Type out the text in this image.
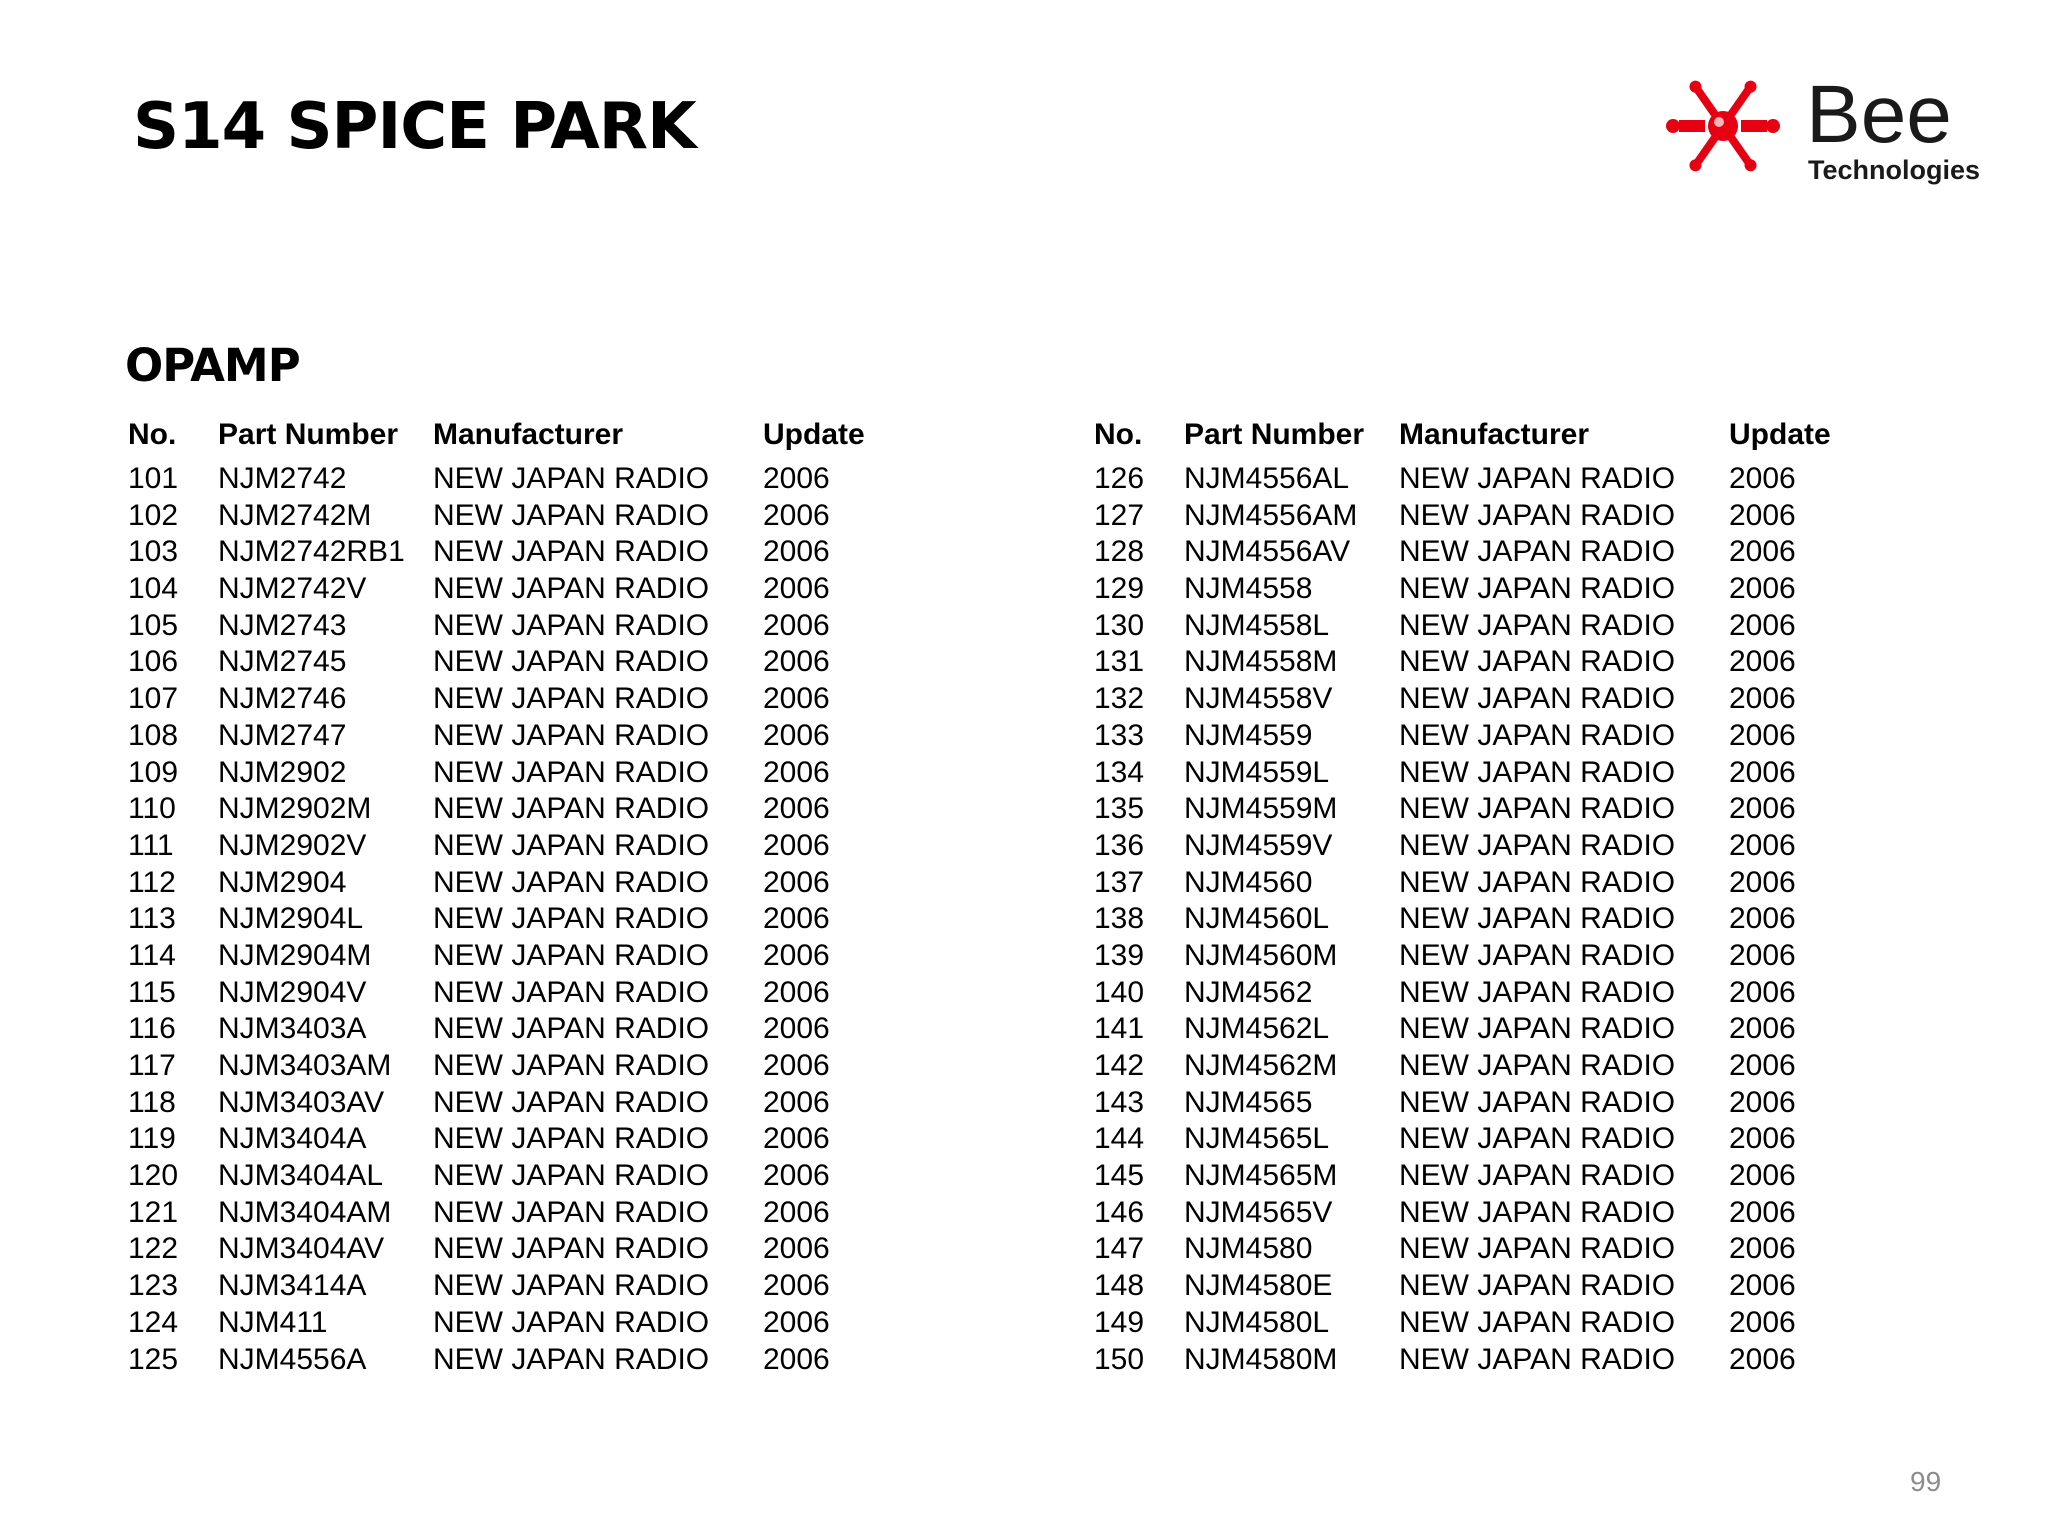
S14 SPICE PARK	Bee
Technologies
OPAMP
No. Part Number Manufacturer	Update
101 NJM2742	NEW JAPAN RADIO 2006
102 NJM2742M NEW JAPAN RADIO 2006
103 NJM2742RB1 NEW JAPAN RADIO 2006
104 NJM2742V NEW JAPAN RADIO 2006
105 NJM2743	NEW JAPAN RADIO 2006
106 NJM2745	NEW JAPAN RADIO 2006
107 NJM2746	NEW JAPAN RADIO 2006
108 NJM2747	NEW JAPAN RADIO 2006
109 NJM2902	NEW JAPAN RADIO 2006
110 NJM2902M NEW JAPAN RADIO 2006
111 NJM2902V NEW JAPAN RADIO 2006
112 NJM2904	NEW JAPAN RADIO 2006
113 NJM2904L NEW JAPAN RADIO 2006
114 NJM2904M NEW JAPAN RADIO 2006
115 NJM2904V NEW JAPAN RADIO 2006
116 NJM3403A NEW JAPAN RADIO 2006
117 NJM3403AM NEW JAPAN RADIO 2006
118 NJM3403AV NEW JAPAN RADIO 2006
119 NJM3404A NEW JAPAN RADIO 2006
120 NJM3404AL NEW JAPAN RADIO 2006
121 NJM3404AM NEW JAPAN RADIO 2006
122 NJM3404AV NEW JAPAN RADIO 2006
123 NJM3414A NEW JAPAN RADIO 2006
124 NJM411	NEW JAPAN RADIO 2006
125 NJM4556A NEW JAPAN RADIO 2006
No. Part Number Manufacturer	Update
126 NJM4556AL NEW JAPAN RADIO 2006
127 NJM4556AM NEW JAPAN RADIO 2006
128 NJM4556AV NEW JAPAN RADIO 2006
129 NJM4558	NEW JAPAN RADIO 2006
130 NJM4558L NEW JAPAN RADIO 2006
131 NJM4558M NEW JAPAN RADIO 2006
132 NJM4558V NEW JAPAN RADIO 2006
133 NJM4559	NEW JAPAN RADIO 2006
134 NJM4559L NEW JAPAN RADIO 2006
135 NJM4559M NEW JAPAN RADIO 2006
136 NJM4559V NEW JAPAN RADIO 2006
137 NJM4560	NEW JAPAN RADIO 2006
138 NJM4560L NEW JAPAN RADIO 2006
139 NJM4560M NEW JAPAN RADIO 2006
140 NJM4562	NEW JAPAN RADIO 2006
141 NJM4562L NEW JAPAN RADIO 2006
142 NJM4562M NEW JAPAN RADIO 2006
143 NJM4565	NEW JAPAN RADIO 2006
144 NJM4565L NEW JAPAN RADIO 2006
145 NJM4565M NEW JAPAN RADIO 2006
146 NJM4565V NEW JAPAN RADIO 2006
147 NJM4580	NEW JAPAN RADIO 2006
148 NJM4580E NEW JAPAN RADIO 2006
149 NJM4580L NEW JAPAN RADIO 2006
150 NJM4580M NEW JAPAN RADIO 2006
99
